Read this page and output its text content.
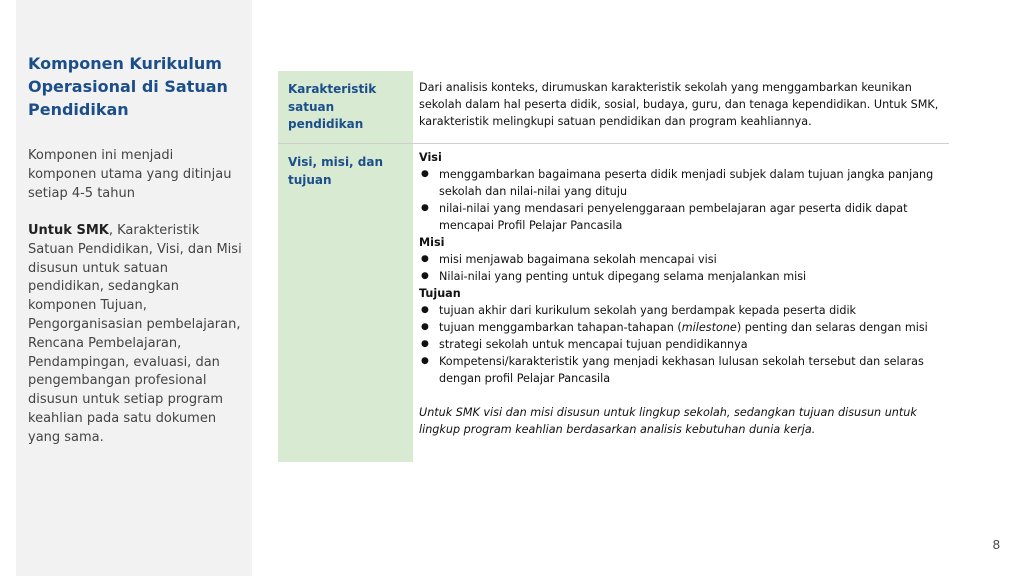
Komponen Kurikulum Operasional di Satuan Pendidikan

Komponen ini menjadi komponen utama yang ditinjau setiap 4-5 tahun

Untuk SMK, Karakteristik Satuan Pendidikan, Visi, dan Misi disusun untuk satuan pendidikan, sedangkan komponen Tujuan, Pengorganisasian pembelajaran, Rencana Pembelajaran, Pendampingan, evaluasi, dan pengembangan profesional disusun untuk setiap program keahlian pada satu dokumen yang sama.

Karakteristik satuan pendidikan
Dari analisis konteks, dirumuskan karakteristik sekolah yang menggambarkan keunikan sekolah dalam hal peserta didik, sosial, budaya, guru, dan tenaga kependidikan. Untuk SMK, karakteristik melingkupi satuan pendidikan dan program keahliannya.
Visi, misi, dan tujuan
Visi
● menggambarkan bagaimana peserta didik menjadi subjek dalam tujuan jangka panjang sekolah dan nilai-nilai yang dituju
● nilai-nilai yang mendasari penyelenggaraan pembelajaran agar peserta didik dapat mencapai Profil Pelajar Pancasila
Misi
● misi menjawab bagaimana sekolah mencapai visi
● Nilai-nilai yang penting untuk dipegang selama menjalankan misi
Tujuan
● tujuan akhir dari kurikulum sekolah yang berdampak kepada peserta didik
● tujuan menggambarkan tahapan-tahapan (milestone) penting dan selaras dengan misi
● strategi sekolah untuk mencapai tujuan pendidikannya
● Kompetensi/karakteristik yang menjadi kekhasan lulusan sekolah tersebut dan selaras dengan profil Pelajar Pancasila
Untuk SMK visi dan misi disusun untuk lingkup sekolah, sedangkan tujuan disusun untuk lingkup program keahlian berdasarkan analisis kebutuhan dunia kerja.
8
